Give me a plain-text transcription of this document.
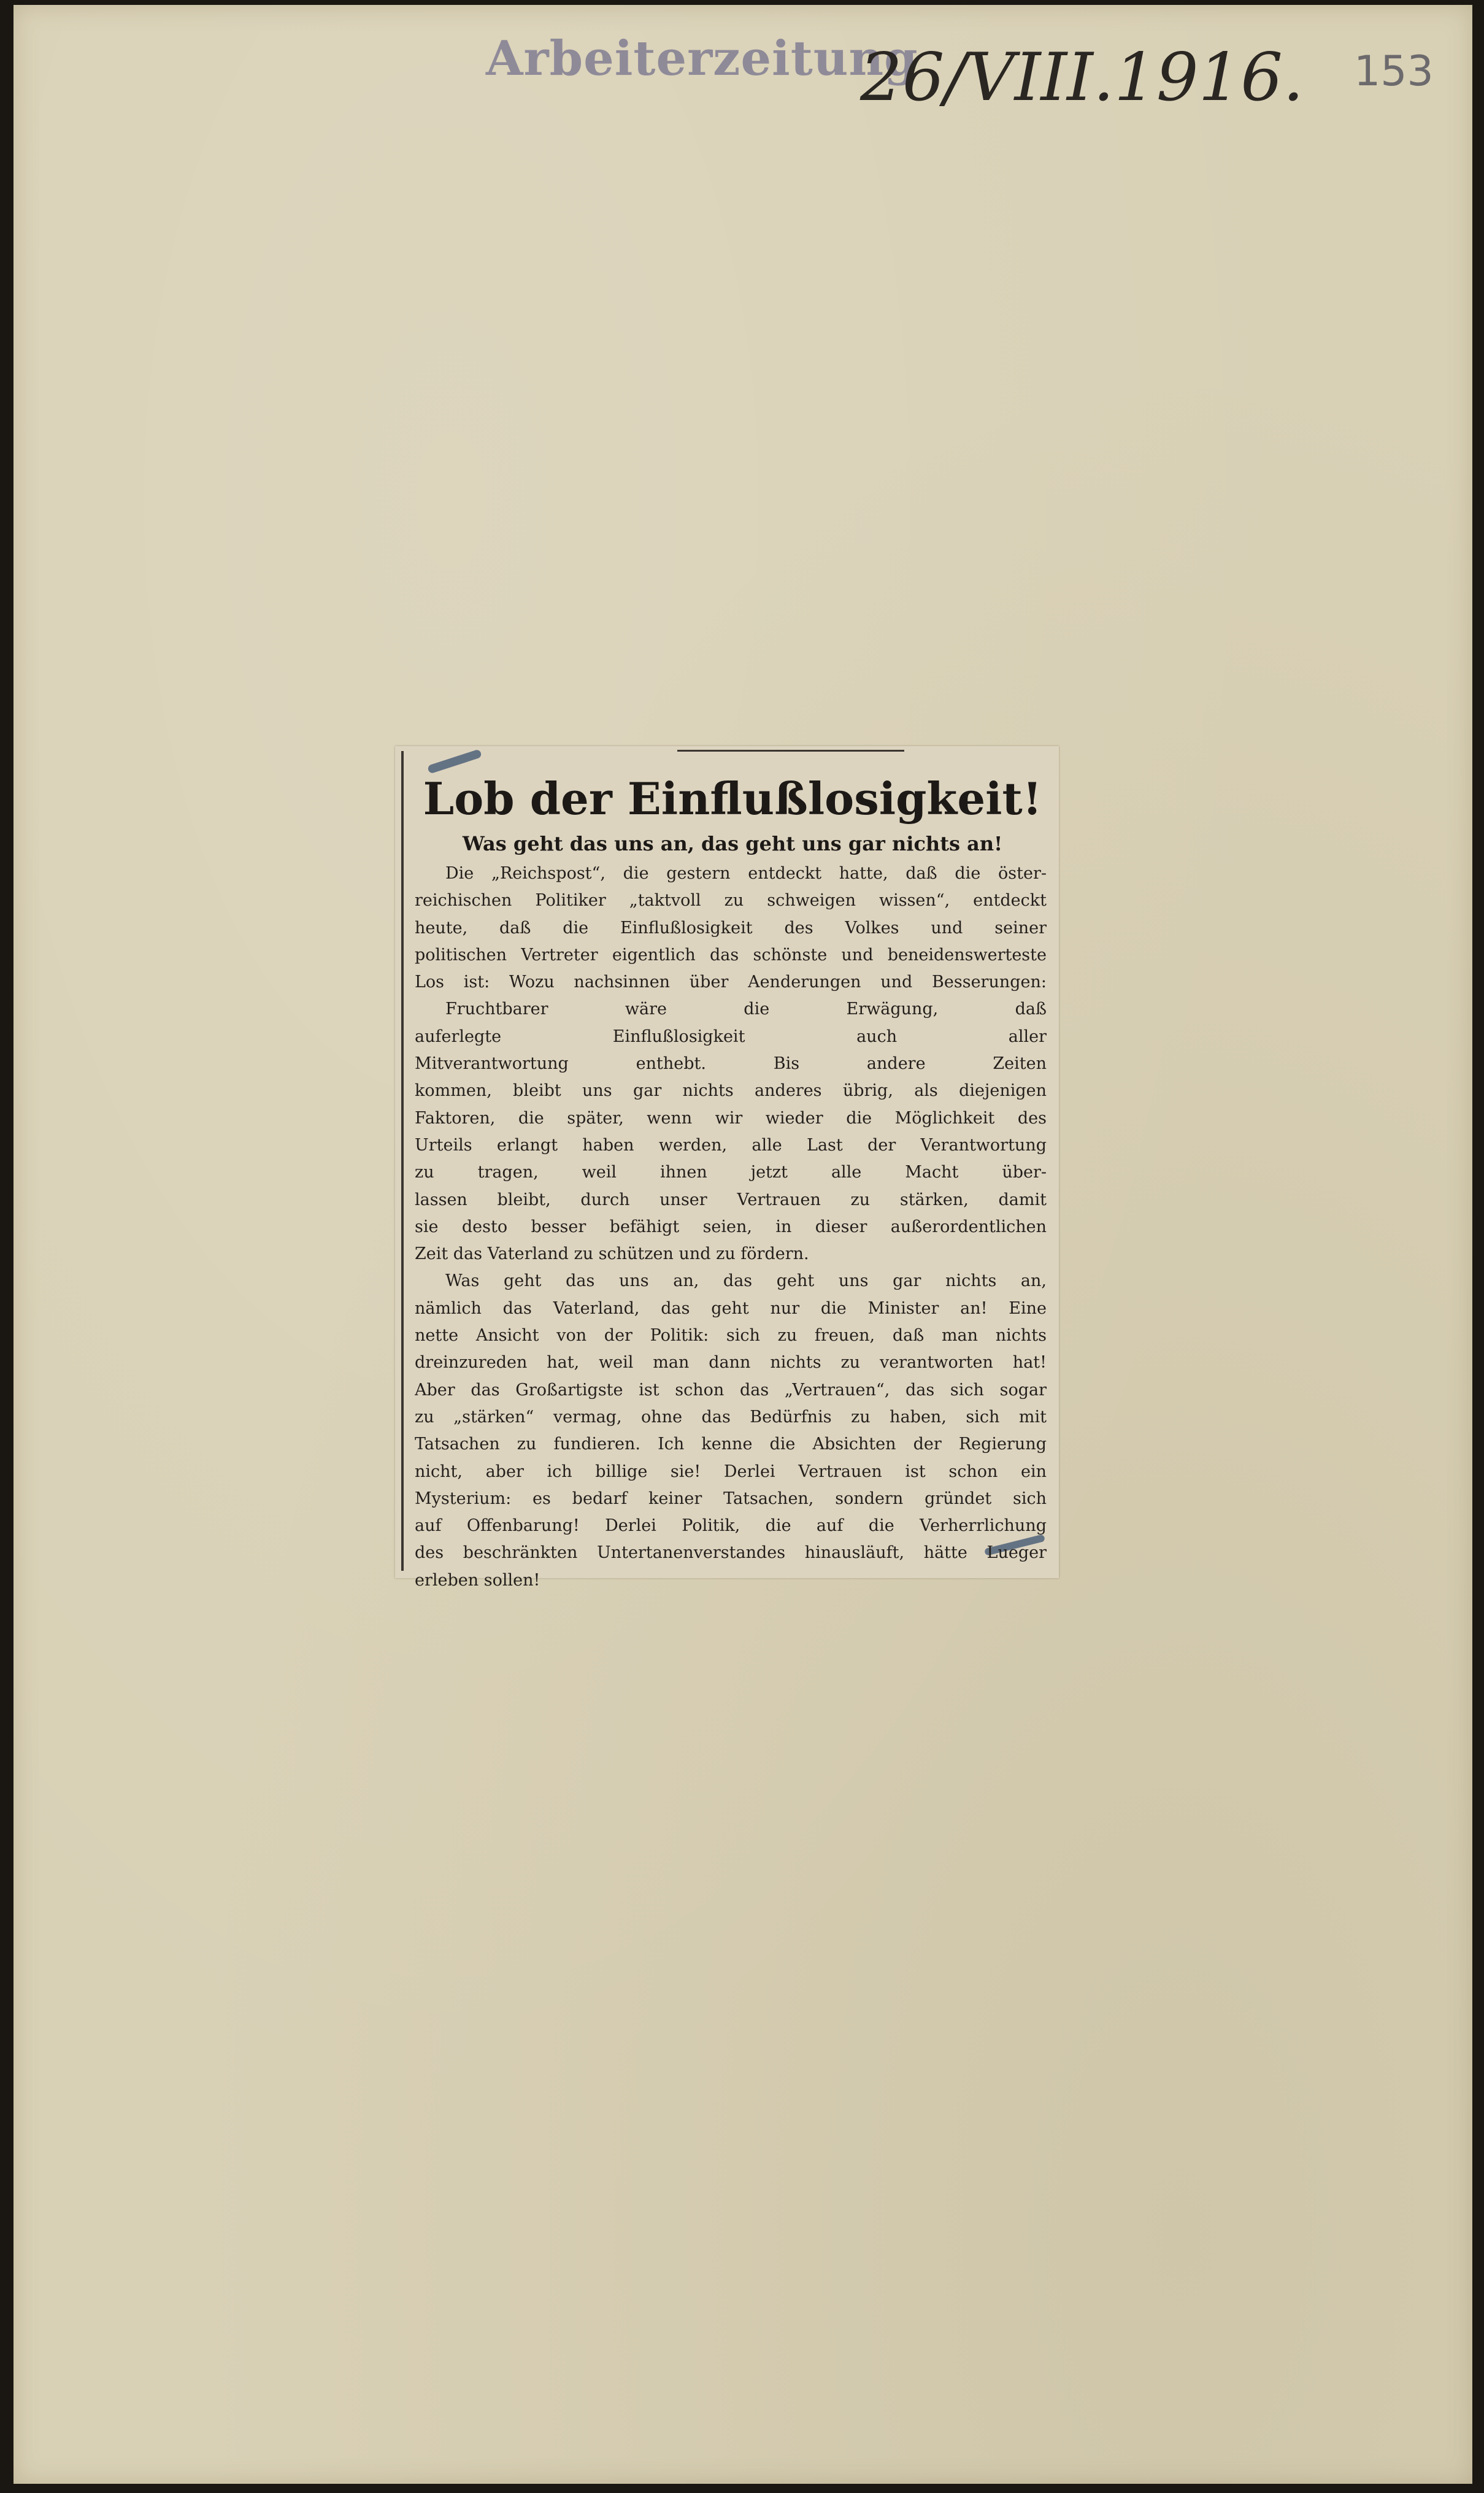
Arbeiterzeitung
26/VIII.1916. 153
Lob der Einflußlosigkeit!
Was geht das uns an, das geht uns gar nichts an!
Die „Reichspost“, die gestern entdeckt hatte, daß die öster-
reichischen Politiker „taktvoll zu schweigen wissen“, entdeckt
heute, daß die Einflußlosigkeit des Volkes und seiner
politischen Vertreter eigentlich das schönste und beneidenswerteste
Los ist: Wozu nachsinnen über Aenderungen und Besserungen:
Fruchtbarer wäre die Erwägung, daß
auferlegte Einflußlosigkeit auch aller
Mitverantwortung enthebt. Bis andere Zeiten
kommen, bleibt uns gar nichts anderes übrig, als diejenigen
Faktoren, die später, wenn wir wieder die Möglichkeit des
Urteils erlangt haben werden, alle Last der Verantwortung
zu tragen, weil ihnen jetzt alle Macht über-
lassen bleibt, durch unser Vertrauen zu stärken, damit
sie desto besser befähigt seien, in dieser außerordentlichen
Zeit das Vaterland zu schützen und zu fördern.
Was geht das uns an, das geht uns gar nichts an,
nämlich das Vaterland, das geht nur die Minister an! Eine
nette Ansicht von der Politik: sich zu freuen, daß man nichts
dreinzureden hat, weil man dann nichts zu verantworten hat!
Aber das Großartigste ist schon das „Vertrauen“, das sich sogar
zu „stärken“ vermag, ohne das Bedürfnis zu haben, sich mit
Tatsachen zu fundieren. Ich kenne die Absichten der Regierung
nicht, aber ich billige sie! Derlei Vertrauen ist schon ein
Mysterium: es bedarf keiner Tatsachen, sondern gründet sich
auf Offenbarung! Derlei Politik, die auf die Verherrlichung
des beschränkten Untertanenverstandes hinausläuft, hätte Lueger
erleben sollen!
